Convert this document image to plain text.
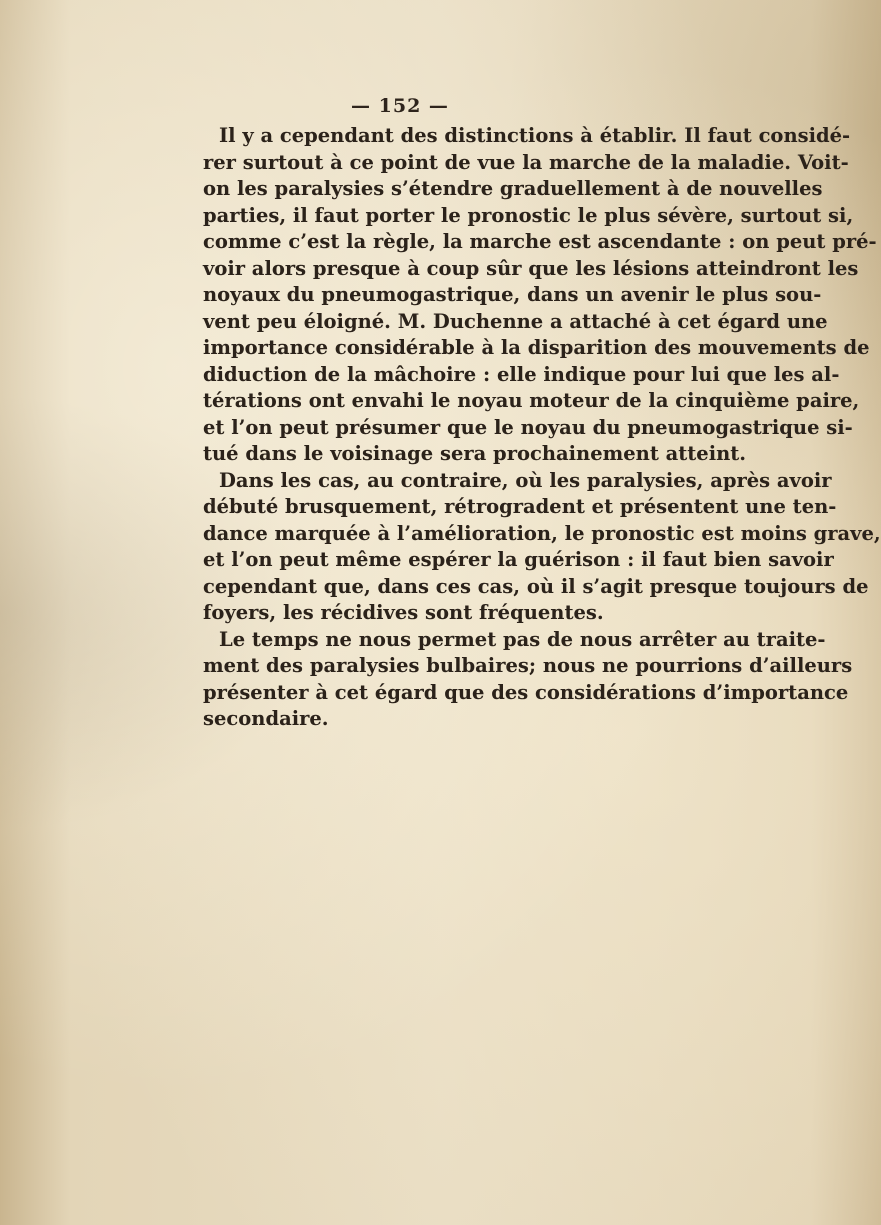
— 152 —
Il y a cependant des distinctions à établir. Il faut considé-
rer surtout à ce point de vue la marche de la maladie. Voit-
on les paralysies s’étendre graduellement à de nouvelles
parties, il faut porter le pronostic le plus sévère, surtout si,
comme c’est la règle, la marche est ascendante : on peut pré-
voir alors presque à coup sûr que les lésions atteindront les
noyaux du pneumogastrique, dans un avenir le plus sou-
vent peu éloigné. M. Duchenne a attaché à cet égard une
importance considérable à la disparition des mouvements de
diduction de la mâchoire : elle indique pour lui que les al-
térations ont envahi le noyau moteur de la cinquième paire,
et l’on peut présumer que le noyau du pneumogastrique si-
tué dans le voisinage sera prochainement atteint.
Dans les cas, au contraire, où les paralysies, après avoir
débuté brusquement, rétrogradent et présentent une ten-
dance marquée à l’amélioration, le pronostic est moins grave,
et l’on peut même espérer la guérison : il faut bien savoir
cependant que, dans ces cas, où il s’agit presque toujours de
foyers, les récidives sont fréquentes.
Le temps ne nous permet pas de nous arrêter au traite-
ment des paralysies bulbaires; nous ne pourrions d’ailleurs
présenter à cet égard que des considérations d’importance
secondaire.
